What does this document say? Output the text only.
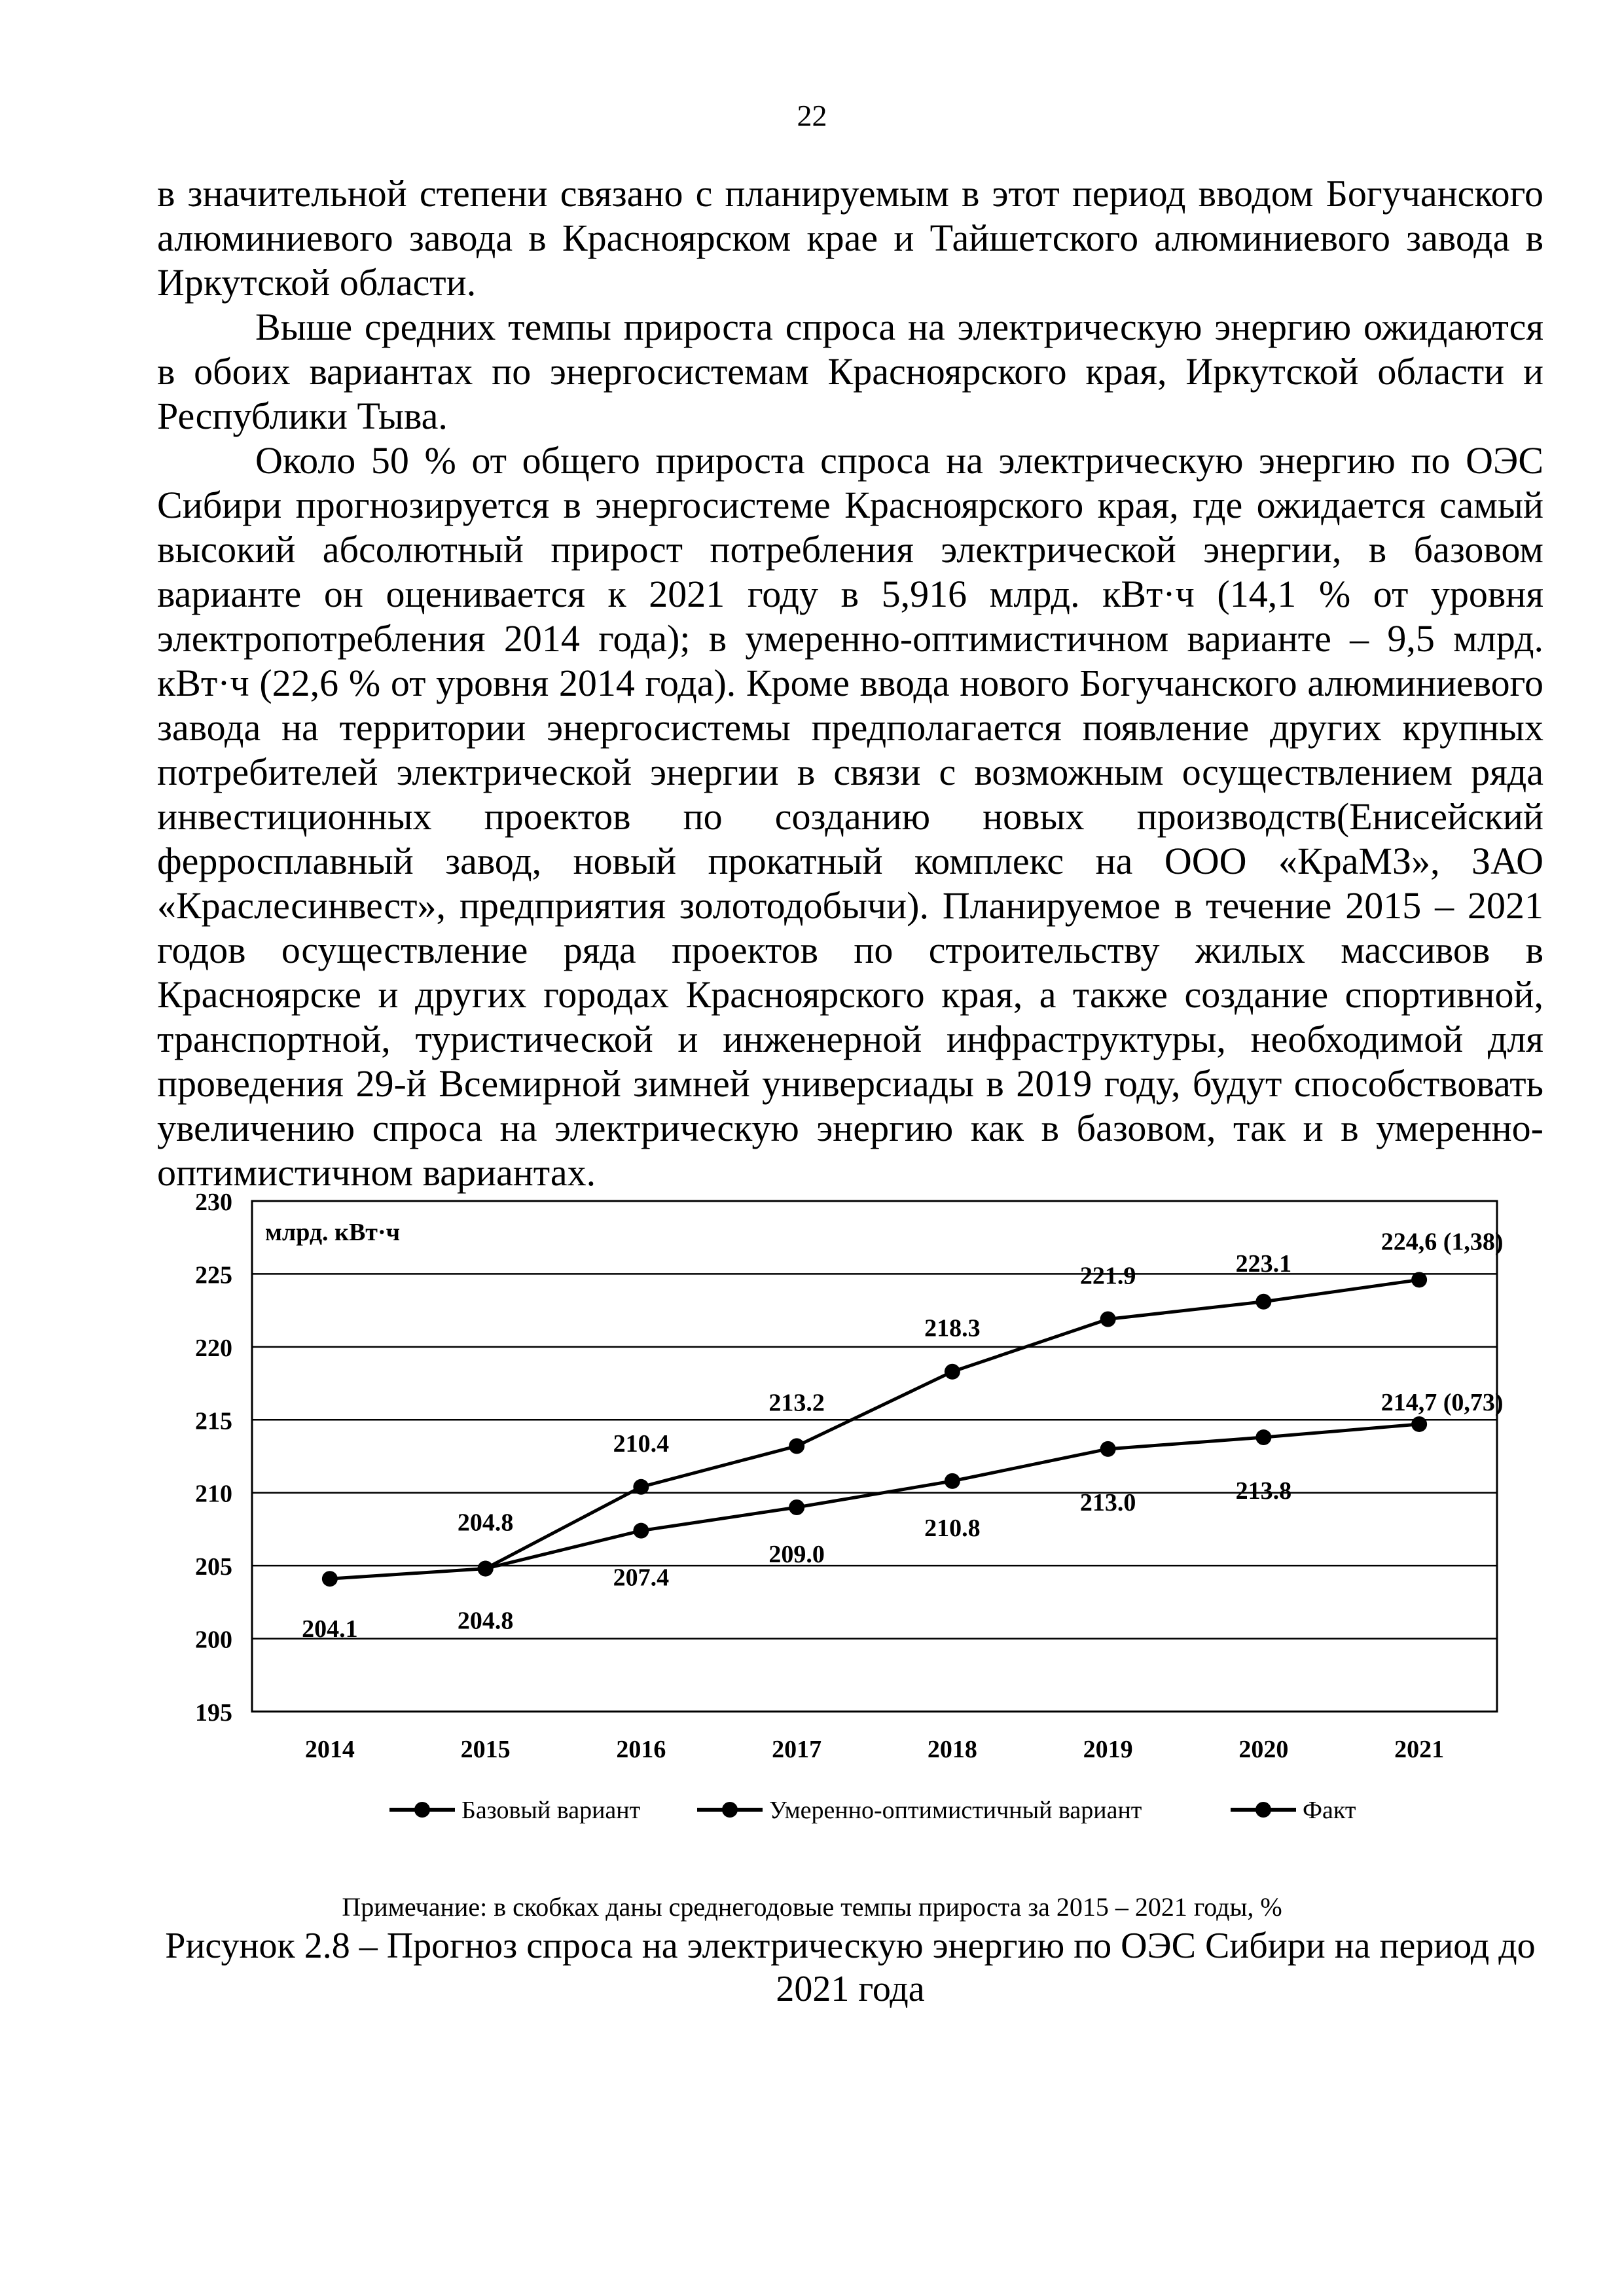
22

в значительной степени связано с планируемым в этот период вводом Богучанского алюминиевого завода в Красноярском крае и Тайшетского алюминиевого завода в Иркутской области.

Выше средних темпы прироста спроса на электрическую энергию ожидаются в обоих вариантах по энергосистемам Красноярского края, Иркутской области и Республики Тыва.

Около 50 % от общего прироста спроса на электрическую энергию по ОЭС Сибири прогнозируется в энергосистеме Красноярского края, где ожидается самый высокий абсолютный прирост потребления электрической энергии, в базовом варианте он оценивается к 2021 году в 5,916 млрд. кВт·ч (14,1 % от уровня электропотребления 2014 года); в умеренно-оптимистичном варианте – 9,5 млрд. кВт·ч (22,6 % от уровня 2014 года). Кроме ввода нового Богучанского алюминиевого завода на территории энергосистемы предполагается появление других крупных потребителей электрической энергии в связи с возможным осуществлением ряда инвестиционных проектов по созданию новых производств(Енисейский ферросплавный завод, новый прокатный комплекс на ООО «КраМЗ», ЗАО «Краслесинвест», предприятия золотодобычи). Планируемое в течение 2015 – 2021 годов осуществление ряда проектов по строительству жилых массивов в Красноярске и других городах Красноярского края, а также создание спортивной, транспортной, туристической и инженерной инфраструктуры, необходимой для проведения 29-й Всемирной зимней универсиады в 2019 году, будут способствовать увеличению спроса на электрическую энергию как в базовом, так и в умеренно-оптимистичном вариантах.

195
200
205
210
215
220
225
230
2014	2015	2016	2017	2018	2019	2020	2021
млрд. кВт·ч
204.8
210.4
213.2
218.3
221.9	223.1
224,6 (1,38)
204.8
207.4
209.0
210.8
213.0	213.8
214,7 (0,73)
204.1
Базовый вариант	Умеренно-оптимистичный вариант	Факт
Примечание: в скобках даны среднегодовые темпы прироста за 2015 – 2021 годы, %
Рисунок 2.8 – Прогноз спроса на электрическую энергию по ОЭС Сибири на период до 2021 года
